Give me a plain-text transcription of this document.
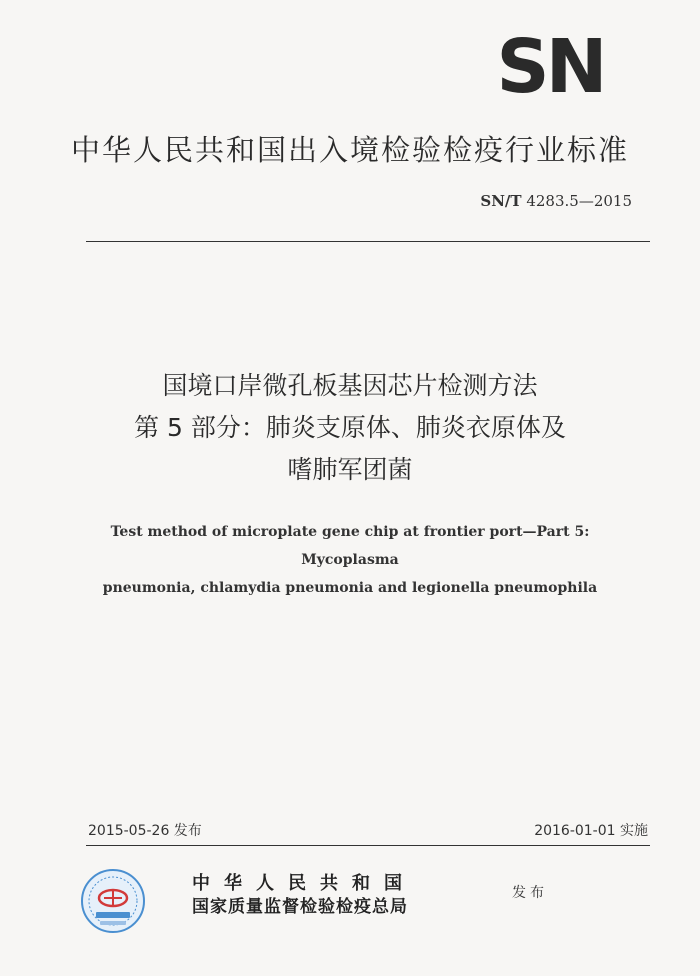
SN
中华人民共和国出入境检验检疫行业标准
SN/T 4283.5—2015
国境口岸微孔板基因芯片检测方法
第 5 部分：肺炎支原体、肺炎衣原体及
嗜肺军团菌
Test method of microplate gene chip at frontier port—Part 5: Mycoplasma
pneumonia, chlamydia pneumonia and legionella pneumophila
2015-05-26 发布	2016-01-01 实施
中华人民共和国
国家质量监督检验检疫总局
发布
